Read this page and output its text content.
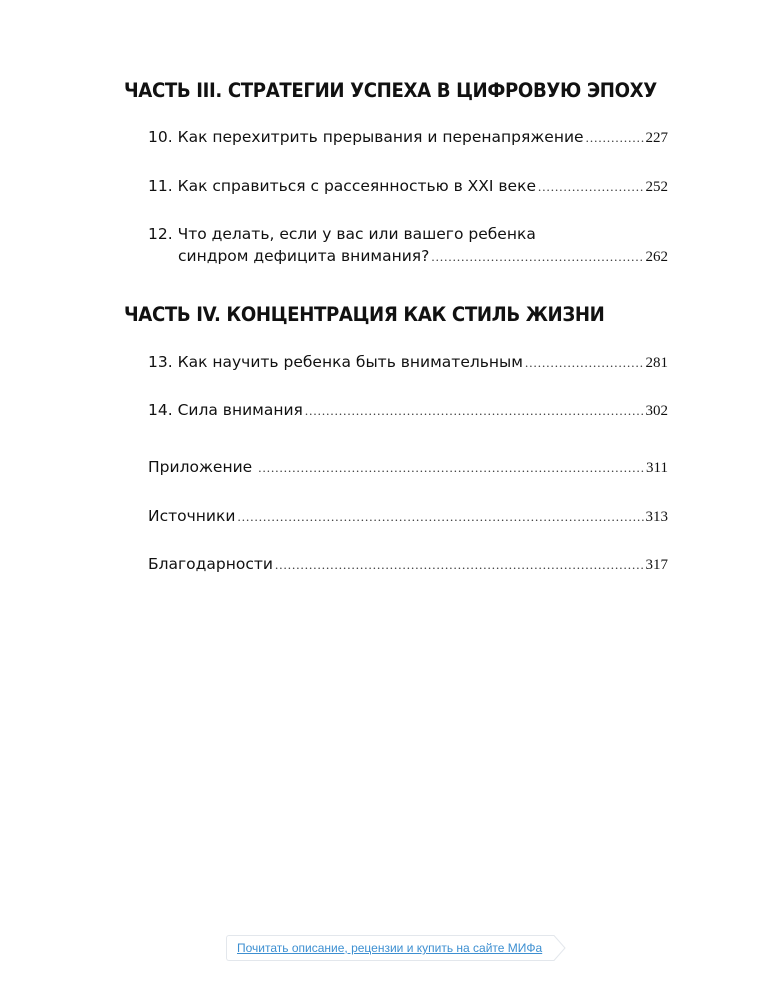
ЧАСТЬ III. СТРАТЕГИИ УСПЕХА В ЦИФРОВУЮ ЭПОХУ
10. Как перехитрить прерывания и перенапряжение .....	227
11. Как справиться с рассеянностью в XXI веке .....	252
12. Что делать, если у вас или вашего ребенка
синдром дефицита внимания? .....	262
ЧАСТЬ IV. КОНЦЕНТРАЦИЯ КАК СТИЛЬ ЖИЗНИ
13. Как научить ребенка быть внимательным .....	281
14. Сила внимания .....	302
Приложение .....	311
Источники .....	313
Благодарности .....	317
Почитать описание, рецензии и купить на сайте МИФа
